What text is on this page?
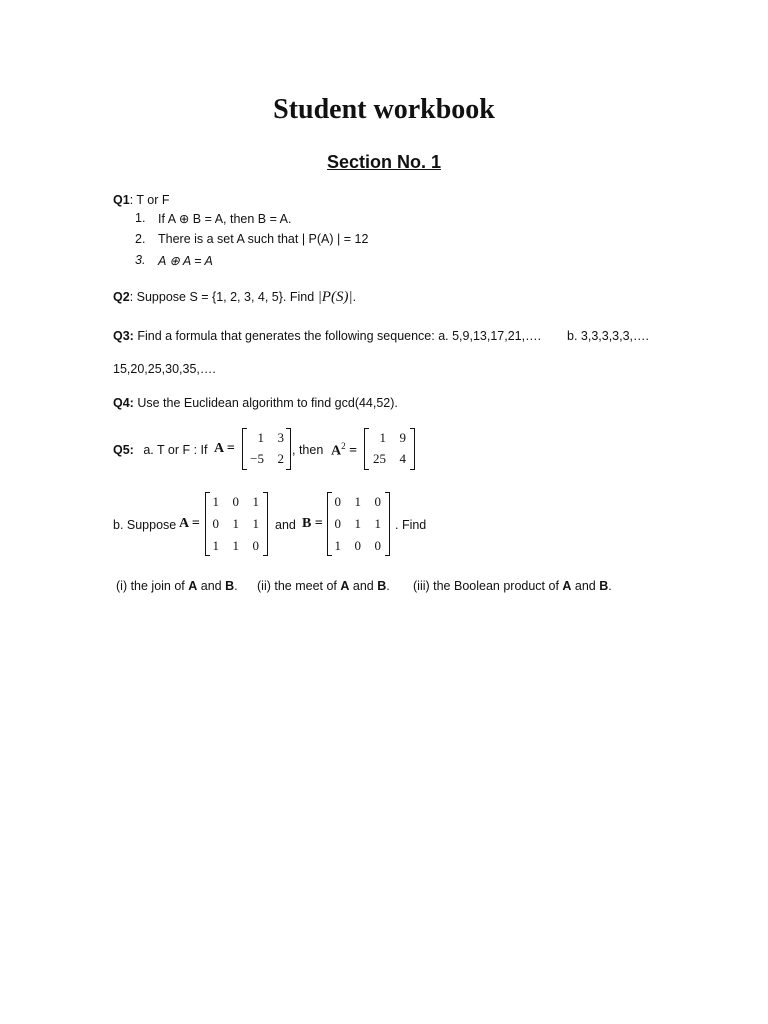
Student workbook
Section No. 1
Q1: T or F
1. If A ⊕ B = A, then B = A.
2. There is a set A such that | P(A) | = 12
3. A ⊕ A = A
Q2: Suppose S = {1, 2, 3, 4, 5}. Find |P(S)|.
Q3: Find a formula that generates the following sequence: a. 5,9,13,17,21,…. b. 3,3,3,3,3,….
15,20,25,30,35,….
Q4: Use the Euclidean algorithm to find gcd(44,52).
Q5: a. T or F : If A =
1	3
−5	2
, then $A^2$ =
1	9
25	4
b. Suppose A =
1 0 1
0 1 1
1 1 0
and B =
0 1 0
0 1 1
1 0 0
. Find
(i) the join of A and B. (ii) the meet of A and B. (iii) the Boolean product of A and B.
